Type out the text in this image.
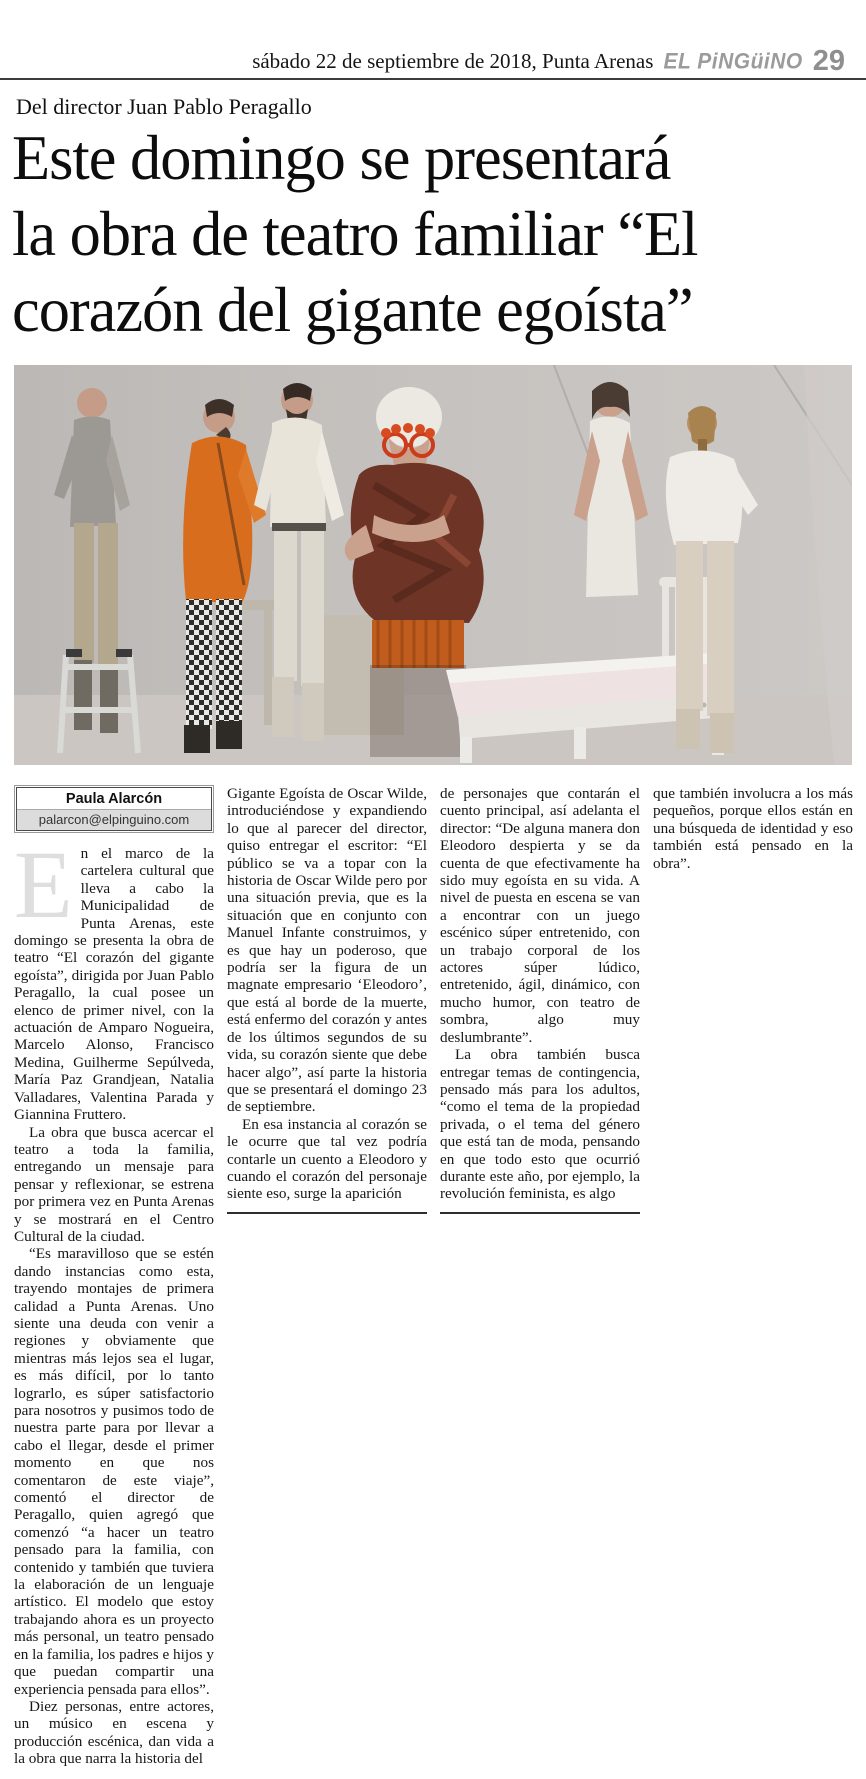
sábado 22 de septiembre de 2018, Punta Arenas EL PiNGüiNO 29
Del director Juan Pablo Peragallo
Este domingo se presentará
la obra de teatro familiar “El
corazón del gigante egoísta”
Paula Alarcón
palarcon@elpinguino.com

En el marco de la cartelera cultural que lleva a cabo la Municipalidad de Punta Arenas, este domingo se presenta la obra de teatro “El corazón del gigante egoísta”, dirigida por Juan Pablo Peragallo, la cual posee un elenco de primer nivel, con la actuación de Amparo Nogueira, Marcelo Alonso, Francisco Medina, Guilherme Sepúlveda, María Paz Grandjean, Natalia Valladares, Valentina Parada y Giannina Fruttero.

La obra que busca acercar el teatro a toda la familia, entregando un mensaje para pensar y reflexionar, se estrena por primera vez en Punta Arenas y se mostrará en el Centro Cultural de la ciudad.

“Es maravilloso que se estén dando instancias como esta, trayendo montajes de primera calidad a Punta Arenas. Uno siente una deuda con venir a regiones y obviamente que mientras más lejos sea el lugar, es más difícil, por lo tanto lograrlo, es súper satisfactorio para nosotros y pusimos todo de nuestra parte para por llevar a cabo el llegar, desde el primer momento en que nos comentaron de este viaje”, comentó el director de Peragallo, quien agregó que comenzó “a hacer un teatro pensado para la familia, con contenido y también que tuviera la elaboración de un lenguaje artístico. El modelo que estoy trabajando ahora es un proyecto más personal, un teatro pensado en la familia, los padres e hijos y que puedan compartir una experiencia pensada para ellos”.

Diez personas, entre actores, un músico en escena y producción escénica, dan vida a la obra que narra la historia del

Gigante Egoísta de Oscar Wilde, introduciéndose y expandiendo lo que al parecer del director, quiso entregar el escritor: “El público se va a topar con la historia de Oscar Wilde pero por una situación previa, que es la situación que en conjunto con Manuel Infante construimos, y es que hay un poderoso, que podría ser la figura de un magnate empresario ‘Eleodoro’, que está al borde de la muerte, está enfermo del corazón y antes de los últimos segundos de su vida, su corazón siente que debe hacer algo”, así parte la historia que se presentará el domingo 23 de septiembre.

En esa instancia al corazón se le ocurre que tal vez podría contarle un cuento a Eleodoro y cuando el corazón del personaje siente eso, surge la aparición

de personajes que contarán el cuento principal, así adelanta el director: “De alguna manera don Eleodoro despierta y se da cuenta de que efectivamente ha sido muy egoísta en su vida. A nivel de puesta en escena se van a encontrar con un juego escénico súper entretenido, con un trabajo corporal de los actores súper lúdico, entretenido, ágil, dinámico, con mucho humor, con teatro de sombra, algo muy deslumbrante”.

La obra también busca entregar temas de contingencia, pensado más para los adultos, “como el tema de la propiedad privada, o el tema del género que está tan de moda, pensando en que todo esto que ocurrió durante este año, por ejemplo, la revolución feminista, es algo

que también involucra a los más pequeños, porque ellos están en una búsqueda de identidad y eso también está pensado en la obra”.
